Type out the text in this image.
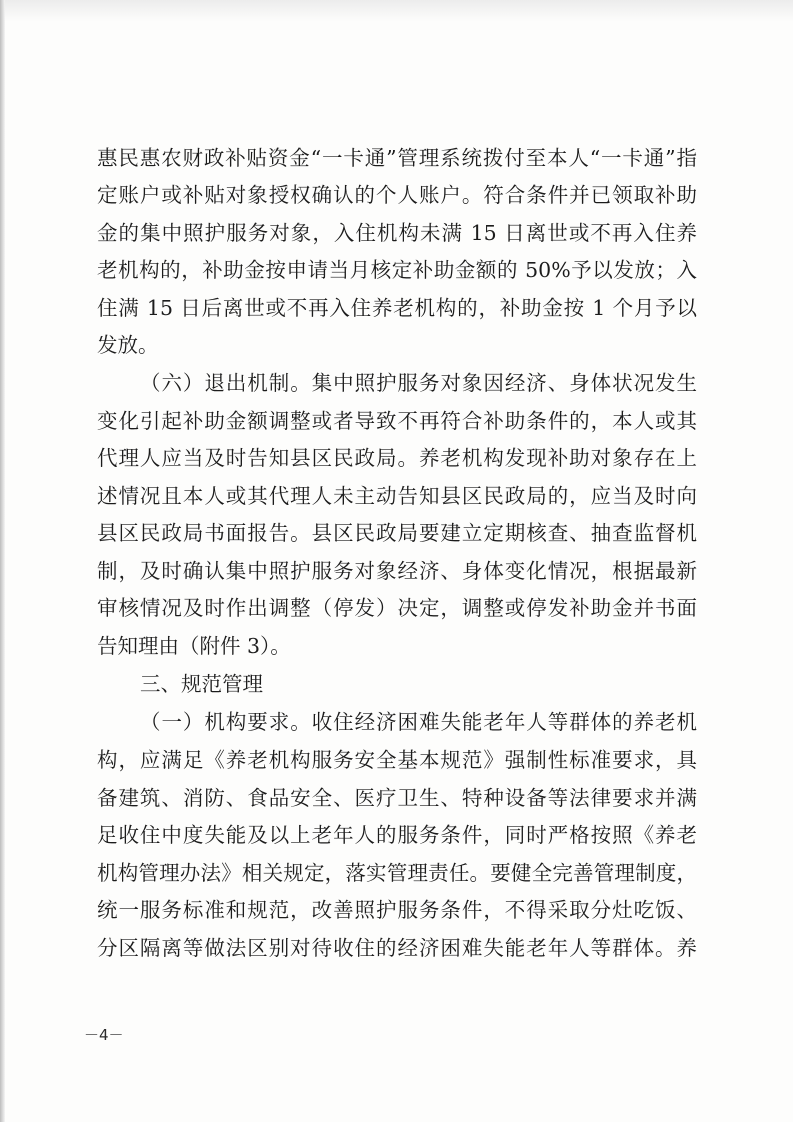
惠民惠农财政补贴资金“一卡通”管理系统拨付至本人“一卡通”指

定账户或补贴对象授权确认的个人账户。符合条件并已领取补助

金的集中照护服务对象，入住机构未满 15 日离世或不再入住养

老机构的，补助金按申请当月核定补助金额的 50%予以发放；入

住满 15 日后离世或不再入住养老机构的，补助金按 1 个月予以

发放。

（六）退出机制。集中照护服务对象因经济、身体状况发生

变化引起补助金额调整或者导致不再符合补助条件的，本人或其

代理人应当及时告知县区民政局。养老机构发现补助对象存在上

述情况且本人或其代理人未主动告知县区民政局的，应当及时向

县区民政局书面报告。县区民政局要建立定期核查、抽查监督机

制，及时确认集中照护服务对象经济、身体变化情况，根据最新

审核情况及时作出调整（停发）决定，调整或停发补助金并书面

告知理由（附件 3）。

三、规范管理

（一）机构要求。收住经济困难失能老年人等群体的养老机

构，应满足《养老机构服务安全基本规范》强制性标准要求，具

备建筑、消防、食品安全、医疗卫生、特种设备等法律要求并满

足收住中度失能及以上老年人的服务条件，同时严格按照《养老

机构管理办法》相关规定，落实管理责任。要健全完善管理制度，

统一服务标准和规范，改善照护服务条件，不得采取分灶吃饭、

分区隔离等做法区别对待收住的经济困难失能老年人等群体。养

－4－
